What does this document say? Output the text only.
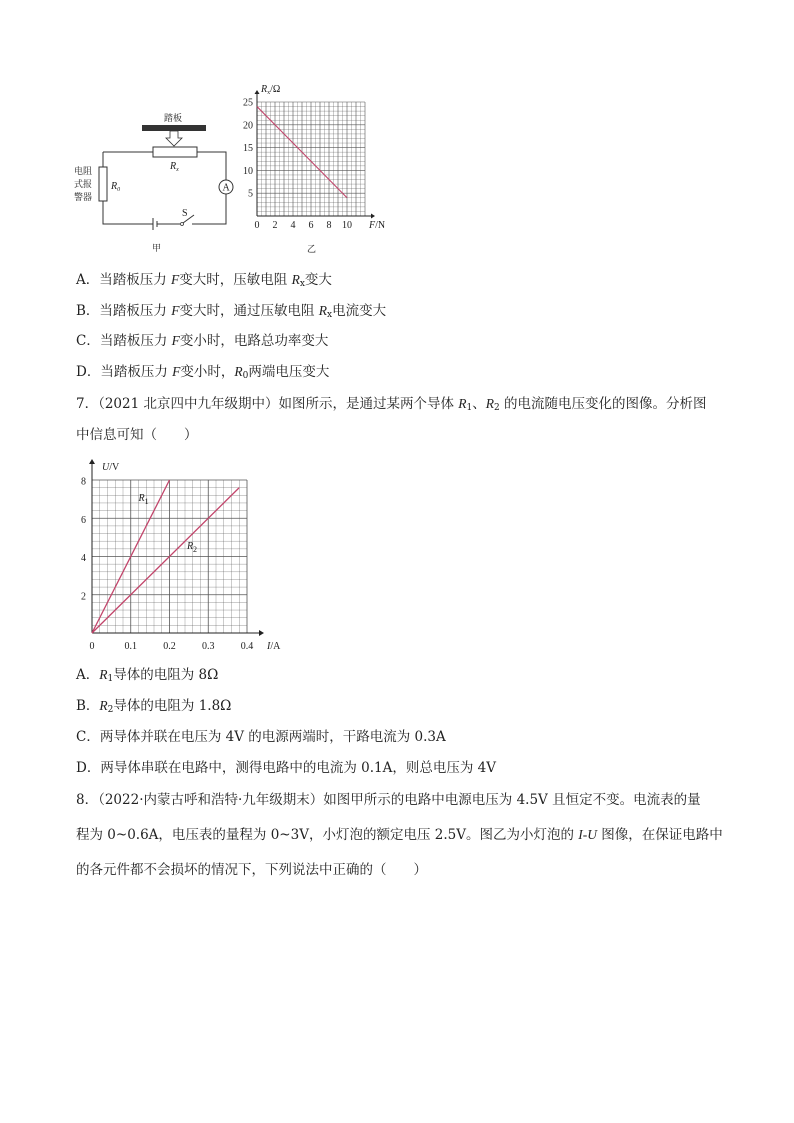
踏板
$R_x$
$R_0$
电阻
式报
警器
A
S
甲
0 2 4 6 8 10
5
10
15
20
25
$R_x/\Omega$
F/N
乙
A．当踏板压力 F变大时，压敏电阻 $R_x$变大
B．当踏板压力 F变大时，通过压敏电阻 $R_x$电流变大
C．当踏板压力 F变小时，电路总功率变大
D．当踏板压力 F变小时，$R_0$两端电压变大
7．（2021 北京四中九年级期中）如图所示，是通过某两个导体 $R_1$、$R_2$ 的电流随电压变化的图像。分析图
中信息可知（　　）
0	0.1	0.2	0.3	0.4
2
4
6
8
U/V
I/A
$R_1$
$R_2$
A．$R_1$导体的电阻为 8Ω
B．$R_2$导体的电阻为 1.8Ω
C．两导体并联在电压为 4V 的电源两端时，干路电流为 0.3A
D．两导体串联在电路中，测得电路中的电流为 0.1A，则总电压为 4V
8．（2022·内蒙古呼和浩特·九年级期末）如图甲所示的电路中电源电压为 4.5V 且恒定不变。电流表的量
程为 0~0.6A，电压表的量程为 0~3V，小灯泡的额定电压 2.5V。图乙为小灯泡的 I-U 图像，在保证电路中
的各元件都不会损坏的情况下，下列说法中正确的（　　）
